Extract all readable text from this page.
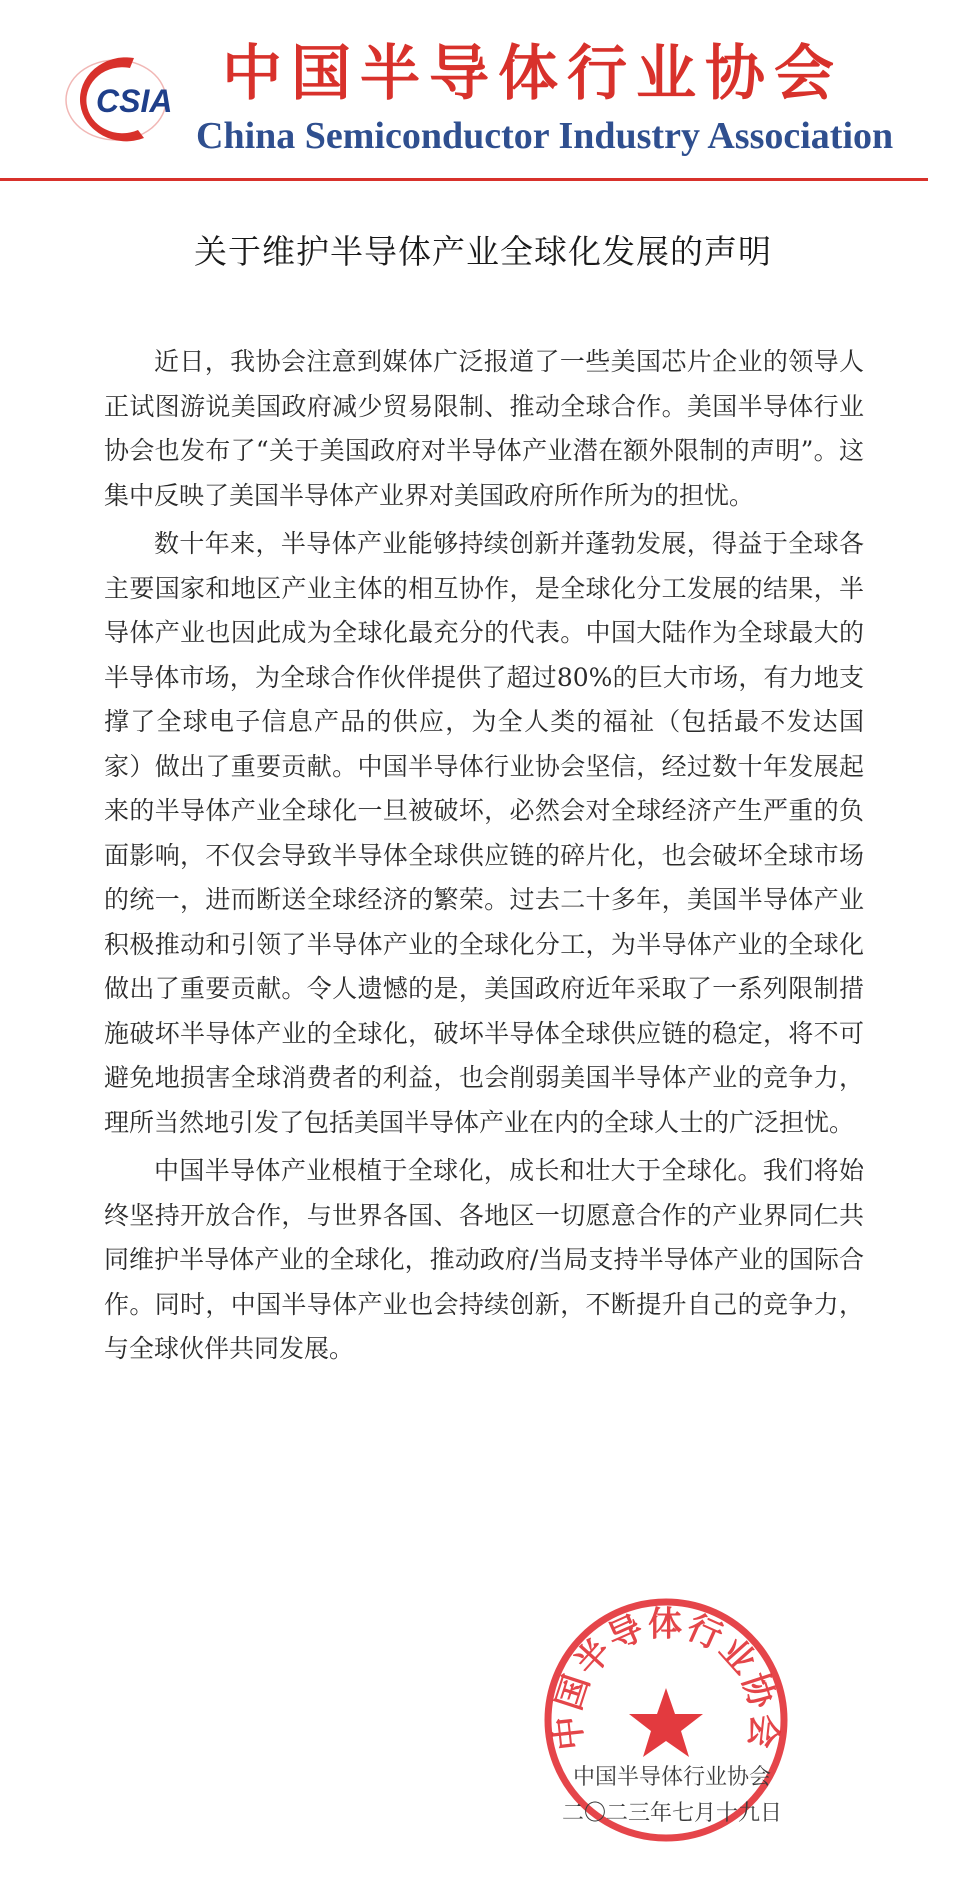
CSIA 中国半导体行业协会
China Semiconductor Industry Association
关于维护半导体产业全球化发展的声明

近日，我协会注意到媒体广泛报道了一些美国芯片企业的领导人正试图游说美国政府减少贸易限制、推动全球合作。美国半导体行业协会也发布了“关于美国政府对半导体产业潜在额外限制的声明”。这集中反映了美国半导体产业界对美国政府所作所为的担忧。

数十年来，半导体产业能够持续创新并蓬勃发展，得益于全球各主要国家和地区产业主体的相互协作，是全球化分工发展的结果，半导体产业也因此成为全球化最充分的代表。中国大陆作为全球最大的半导体市场，为全球合作伙伴提供了超过80%的巨大市场，有力地支撑了全球电子信息产品的供应，为全人类的福祉（包括最不发达国家）做出了重要贡献。中国半导体行业协会坚信，经过数十年发展起来的半导体产业全球化一旦被破坏，必然会对全球经济产生严重的负面影响，不仅会导致半导体全球供应链的碎片化，也会破坏全球市场的统一，进而断送全球经济的繁荣。过去二十多年，美国半导体产业积极推动和引领了半导体产业的全球化分工，为半导体产业的全球化做出了重要贡献。令人遗憾的是，美国政府近年采取了一系列限制措施破坏半导体产业的全球化，破坏半导体全球供应链的稳定，将不可避免地损害全球消费者的利益，也会削弱美国半导体产业的竞争力，理所当然地引发了包括美国半导体产业在内的全球人士的广泛担忧。

中国半导体产业根植于全球化，成长和壮大于全球化。我们将始终坚持开放合作，与世界各国、各地区一切愿意合作的产业界同仁共同维护半导体产业的全球化，推动政府/当局支持半导体产业的国际合作。同时，中国半导体产业也会持续创新，不断提升自己的竞争力，与全球伙伴共同发展。

中国半导体行业协会
中国半导体行业协会
二〇二三年七月十九日
